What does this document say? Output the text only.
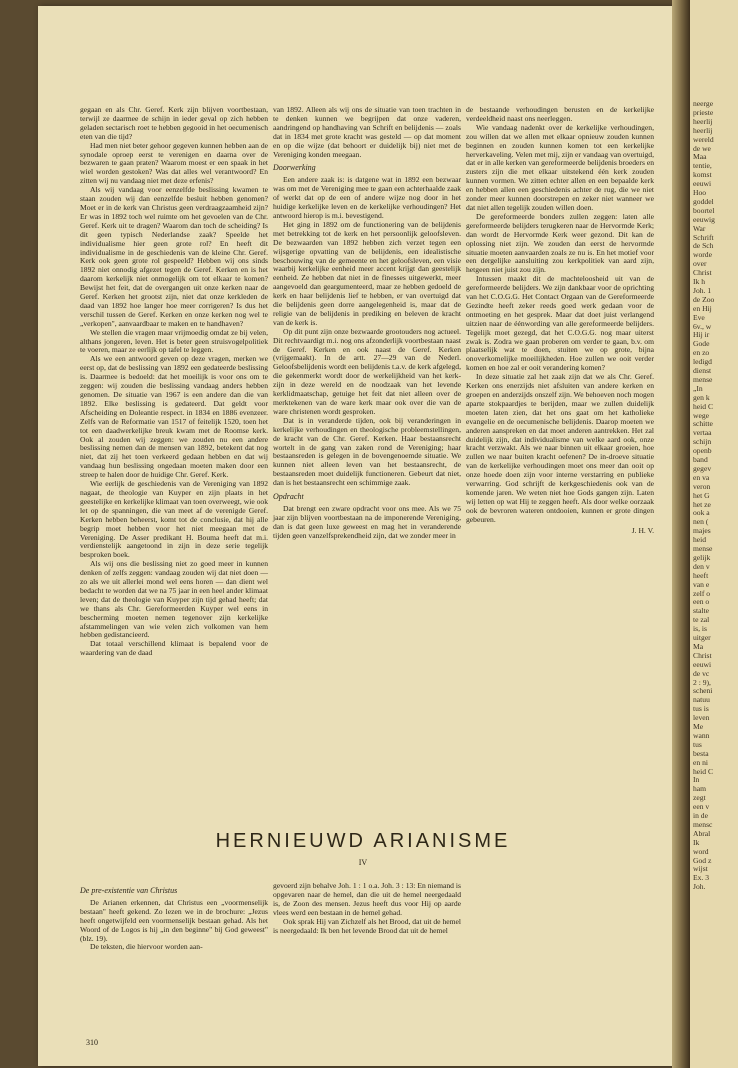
gegaan en als Chr. Geref. Kerk zijn blijven voortbestaan, terwijl ze daarmee de schijn in ieder geval op zich hebben geladen sectarisch roet te hebben gegooid in het oecumenisch eten van die tijd?

Had men niet beter gehoor gegeven kunnen hebben aan de synodale oproep eerst te verenigen en daarna over de bezwaren te gaan praten? Waarom moest er een spaak in het wiel worden gestoken? Was dat alles wel verantwoord? En zitten wij nu vandaag niet met deze erfenis?

Als wij vandaag voor eenzelfde beslissing kwamen te staan zouden wij dan eenzelfde besluit hebben genomen? Moet er in de kerk van Christus geen verdraagzaamheid zijn? Er was in 1892 toch wel ruimte om het gevoelen van de Chr. Geref. Kerk uit te dragen? Waarom dan toch de scheiding? Is dit geen typisch Nederlandse zaak? Speelde het individualisme hier geen grote rol? En heeft dit individualisme in de geschiedenis van de kleine Chr. Geref. Kerk ook geen grote rol gespeeld? Hebben wij ons sinds 1892 niet onnodig afgezet tegen de Geref. Kerken en is het daarom kerkelijk niet onmogelijk om tot elkaar te komen? Bewijst het feit, dat de overgangen uit onze kerken naar de Geref. Kerken het grootst zijn, niet dat onze kerkleden de daad van 1892 hoe langer hoe meer corrigeren? Is dus het verschil tussen de Geref. Kerken en onze kerken nog wel te „verkopen", aanvaardbaar te maken en te handhaven?

We stellen die vragen maar vrijmoedig omdat ze bij velen, althans jongeren, leven. Het is beter geen struisvogelpolitiek te voeren, maar ze eerlijk op tafel te leggen.

Als we een antwoord geven op deze vragen, merken we eerst op, dat de beslissing van 1892 een gedateerde beslissing is. Daarmee is bedoeld: dat het moeilijk is voor ons om te zeggen: wij zouden die beslissing vandaag anders hebben genomen. De situatie van 1967 is een andere dan die van 1892. Elke beslissing is gedateerd. Dat geldt voor Afscheiding en Doleantie respect. in 1834 en 1886 evenzeer. Zelfs van de Reformatie van 1517 of feitelijk 1520, toen het tot een daadwerkelijke breuk kwam met de Roomse kerk. Ook al zouden wij zeggen: we zouden nu een andere beslissing nemen dan de mensen van 1892, betekent dat nog niet, dat zij het toen verkeerd gedaan hebben en dat wij vandaag hun beslissing ongedaan moeten maken door een streep te halen door de huidige Chr. Geref. Kerk.

Wie eerlijk de geschiedenis van de Vereniging van 1892 nagaat, de theologie van Kuyper en zijn plaats in het geestelijke en kerkelijke klimaat van toen overweegt, wie ook let op de spanningen, die van meet af de verenigde Geref. Kerken hebben beheerst, komt tot de conclusie, dat hij alle begrip moet hebben voor het niet meegaan met de Vereniging. De Asser predikant H. Bouma heeft dat m.i. verdienstelijk aangetoond in zijn in deze serie tegelijk besproken boek.

Als wij ons die beslissing niet zo goed meer in kunnen denken of zelfs zeggen: vandaag zouden wij dat niet doen — zo als we uit allerlei mond wel eens horen — dan dient wel bedacht te worden dat we na 75 jaar in een heel ander klimaat leven; dat de theologie van Kuyper zijn tijd gehad heeft; dat we thans als Chr. Gereformeerden Kuyper wel eens in bescherming moeten nemen tegenover zijn kerkelijke afstammelingen van wie velen zich volkomen van hem hebben gedistancieerd.

Dat totaal verschillend klimaat is bepalend voor de waardering van de daad

van 1892. Alleen als wij ons de situatie van toen trachten in te denken kunnen we begrijpen dat onze vaderen, aandringend op handhaving van Schrift en belijdenis — zoals dat in 1834 met grote kracht was gesteld — op dat moment en op die wijze (dat behoort er duidelijk bij) niet met de Vereniging konden meegaan.

Doorwerking

Een andere zaak is: is datgene wat in 1892 een bezwaar was om met de Vereniging mee te gaan een achterhaalde zaak of werkt dat op de een of andere wijze nog door in het huidige kerkelijke leven en de kerkelijke verhoudingen? Het antwoord hierop is m.i. bevestigend.

Het ging in 1892 om de functionering van de belijdenis met betrekking tot de kerk en het persoonlijk geloofsleven. De bezwaarden van 1892 hebben zich verzet tegen een wijsgerige opvatting van de belijdenis, een idealistische beschouwing van de gemeente en het geloofsleven, een visie waarbij kerkelijke eenheid meer accent krijgt dan geestelijk eenheid. Ze hebben dat niet in de finesses uitgewerkt, meer aangevoeld dan geargumenteerd, maar ze hebben gedoeld de kerk en haar belijdenis lief te hebben, er van overtuigd dat die belijdenis geen dorre aangelegenheid is, maar dat de religie van de belijdenis in prediking en beleven de kracht van de kerk is.

Op dit punt zijn onze bezwaarde grootouders nog actueel. Dit rechtvaardigt m.i. nog ons afzonderlijk voortbestaan naast de Geref. Kerken en ook naast de Geref. Kerken (vrijgemaakt). In de artt. 27—29 van de Nederl. Geloofsbelijdenis wordt een belijdenis t.a.v. de kerk afgelegd, die gekenmerkt wordt door de werkelijkheid van het kerk-zijn in deze wereld en de noodzaak van het levende kerklidmaatschap, getuige het feit dat niet alleen over de merktekenen van de ware kerk maar ook over die van de ware christenen wordt gesproken.

Dat is in veranderde tijden, ook bij veranderingen in kerkelijke verhoudingen en theologische probleemstellingen, de kracht van de Chr. Geref. Kerken. Haar bestaansrecht wortelt in de gang van zaken rond de Vereniging; haar bestaansreden is gelegen in de bovengenoemde situatie. We kunnen niet alleen leven van het bestaansrecht, de bestaansreden moet duidelijk functioneren. Gebeurt dat niet, dan is het bestaansrecht een schimmige zaak.

Opdracht

Dat brengt een zware opdracht voor ons mee. Als we 75 jaar zijn blijven voortbestaan na de imponerende Vereniging, dan is dat geen luxe geweest en mag het in veranderende tijden geen vanzelfsprekendheid zijn, dat we zonder meer in

de bestaande verhoudingen berusten en de kerkelijke verdeeldheid naast ons neerleggen.

Wie vandaag nadenkt over de kerkelijke verhoudingen, zou willen dat we allen met elkaar opnieuw zouden kunnen beginnen en zouden kunnen komen tot een kerkelijke herverkaveling. Velen met mij, zijn er vandaag van overtuigd, dat er in alle kerken van gereformeerde belijdenis broeders en zusters zijn die met elkaar uitstekend één kerk zouden kunnen vormen. We zitten echter allen en een bepaalde kerk en hebben allen een geschiedenis achter de rug, die we niet zonder meer kunnen doorstrepen en zeker niet wanneer we dat niet allen tegelijk zouden willen doen.

De gereformeerde bonders zullen zeggen: laten alle gereformeerde belijders terugkeren naar de Hervormde Kerk; dan wordt de Hervormde Kerk weer gezond. Dit kan de oplossing niet zijn. We zouden dan eerst de hervormde situatie moeten aanvaarden zoals ze nu is. En het motief voor een dergelijke aansluiting zou kerkpolitiek van aard zijn, hetgeen niet juist zou zijn.

Intussen maakt dit de machteloosheid uit van de gereformeerde belijders. We zijn dankbaar voor de oprichting van het C.O.G.G. Het Contact Orgaan van de Gereformeerde Gezindte heeft zeker reeds goed werk gedaan voor de ontmoeting en het gesprek. Maar dat doet juist verlangend uitzien naar de éénwording van alle gereformeerde belijders. Tegelijk moet gezegd, dat het C.O.G.G. nog maar uiterst zwak is. Zodra we gaan proberen om verder te gaan, b.v. om plaatselijk wat te doen, stuiten we op grote, bijna onoverkomelijke moeilijkheden. Hoe zullen we ooit verder komen en hoe zal er ooit verandering komen?

In deze situatie zal het zaak zijn dat we als Chr. Geref. Kerken ons enerzijds niet afsluiten van andere kerken en groepen en anderzijds onszelf zijn. We behoeven noch mogen aparte stokpaardjes te berijden, maar we zullen duidelijk moeten laten zien, dat het ons gaat om het katholieke evangelie en de oecumenische belijdenis. Daarop moeten we anderen aanspreken en dat moet anderen aantrekken. Het zal duidelijk zijn, dat individualisme van welke aard ook, onze kracht verzwakt. Als we naar binnen uit elkaar groeien, hoe zullen we naar buiten kracht oefenen? De in-droeve situatie van de kerkelijke verhoudingen moet ons meer dan ooit op onze hoede doen zijn voor interne verstarring en publieke verwarring. God schrijft de kerkgeschiedenis ook van de komende jaren. We weten niet hoe Gods gangen zijn. Laten wij letten op wat Hij te zeggen heeft. Als door welke oorzaak ook de bevroren wateren ontdooien, kunnen er grote dingen gebeuren.

J. H. V.
HERNIEUWD ARIANISME
IV
De pre-existentie van Christus

De Arianen erkennen, dat Christus een „voormenselijk bestaan" heeft gekend. Zo lezen we in de brochure: „Jezus heeft ongetwijfeld een voormenselijk bestaan gehad. Als het Woord of de Logos is hij „in den beginne" bij God geweest" (blz. 19).

De teksten, die hiervoor worden aan-

gevoerd zijn behalve Joh. 1 : 1 o.a. Joh. 3 : 13: En niemand is opgevaren naar de hemel, dan die uit de hemel neergedaald is, de Zoon des mensen. Jezus heeft dus voor Hij op aarde vlees werd een bestaan in de hemel gehad.

Ook sprak Hij van Zichzelf als het Brood, dat uit de hemel is neergedaald: Ik ben het levende Brood dat uit de hemel

310
neerge
prieste
heerlij
heerlij
wereld
de we
Maa
tentie,
komst
eeuwi
Hoo
goddel
boortel
eeuwig
War
Schrift
de Sch
worde
over
Christ
Ik h
Joh. 1
de Zoo
en Hij
Eve
6v., w
Hij ir
Gode
en zo
ledigd
dienst
mense
„In
gen k
heid C
wege
schitte
vertaa
schijn
openb
band
gegev
en va
veron
het G
het ze
ook a
nen (
majes
heid
mense
gelijk
den v
heeft
van e
zelf o
een o
stalte
te zal
is, is
uitger
Ma
Christ
eeuwi
de vc
2 : 9),
scheni
natuu
tus is
leven
Me
wann
tus
besta
en ni
heid C
In
ham
zegt
een v
in de
mensc
Abral
Ik
word
God z
wijst
Ex. 3
Joh.
